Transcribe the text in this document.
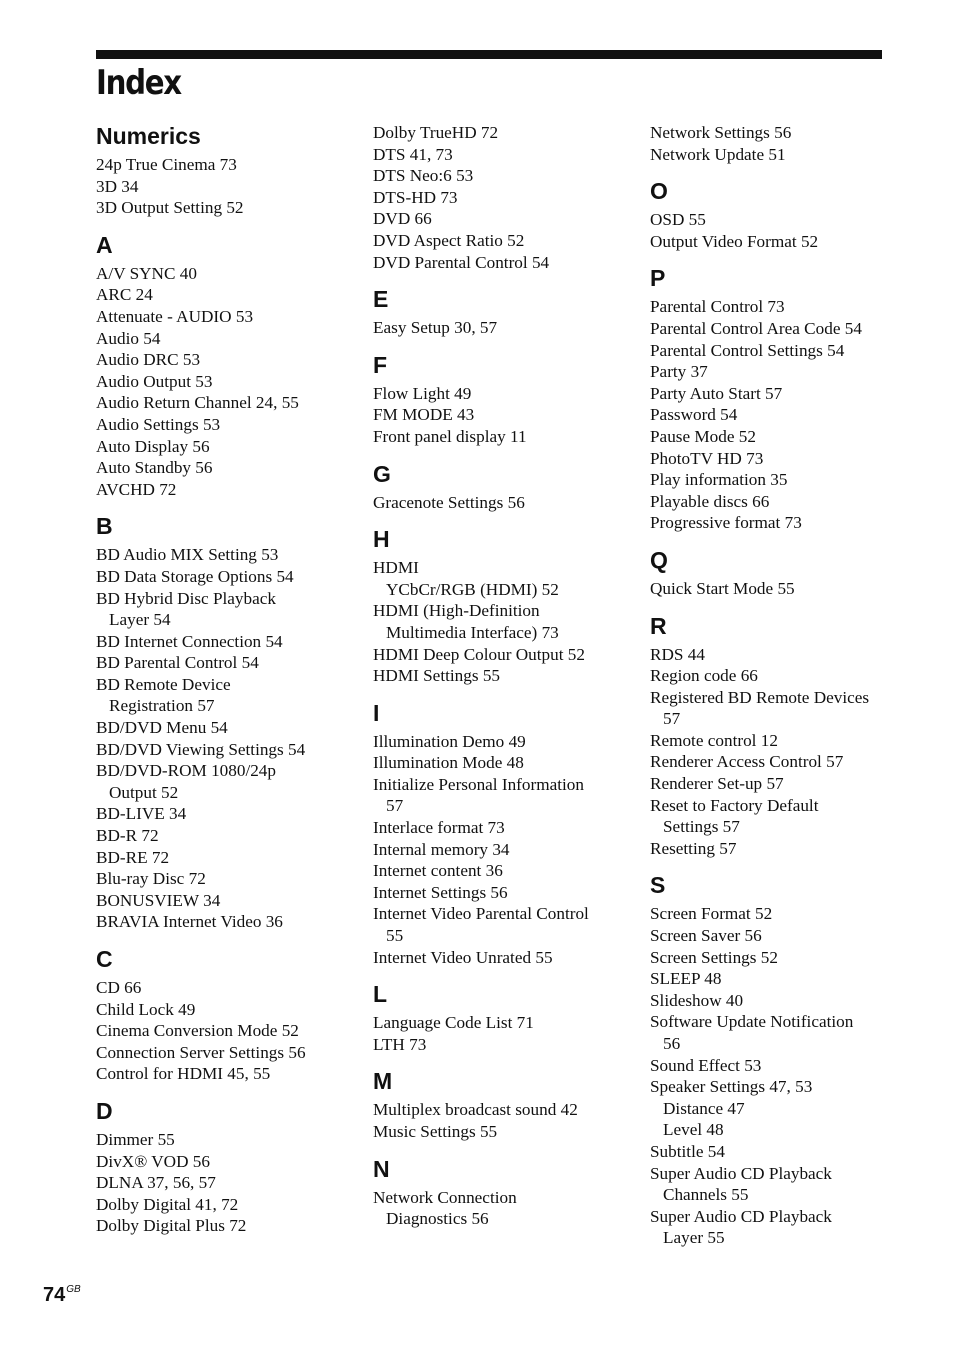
Index
Numerics
24p True Cinema 73
3D 34
3D Output Setting 52
A
A/V SYNC 40
ARC 24
Attenuate - AUDIO 53
Audio 54
Audio DRC 53
Audio Output 53
Audio Return Channel 24, 55
Audio Settings 53
Auto Display 56
Auto Standby 56
AVCHD 72
B
BD Audio MIX Setting 53
BD Data Storage Options 54
BD Hybrid Disc Playback
Layer 54
BD Internet Connection 54
BD Parental Control 54
BD Remote Device
Registration 57
BD/DVD Menu 54
BD/DVD Viewing Settings 54
BD/DVD-ROM 1080/24p
Output 52
BD-LIVE 34
BD-R 72
BD-RE 72
Blu-ray Disc 72
BONUSVIEW 34
BRAVIA Internet Video 36
C
CD 66
Child Lock 49
Cinema Conversion Mode 52
Connection Server Settings 56
Control for HDMI 45, 55
D
Dimmer 55
DivX® VOD 56
DLNA 37, 56, 57
Dolby Digital 41, 72
Dolby Digital Plus 72
Dolby TrueHD 72
DTS 41, 73
DTS Neo:6 53
DTS-HD 73
DVD 66
DVD Aspect Ratio 52
DVD Parental Control 54
E
Easy Setup 30, 57
F
Flow Light 49
FM MODE 43
Front panel display 11
G
Gracenote Settings 56
H
HDMI
YCbCr/RGB (HDMI) 52
HDMI (High-Definition
Multimedia Interface) 73
HDMI Deep Colour Output 52
HDMI Settings 55
I
Illumination Demo 49
Illumination Mode 48
Initialize Personal Information
57
Interlace format 73
Internal memory 34
Internet content 36
Internet Settings 56
Internet Video Parental Control
55
Internet Video Unrated 55
L
Language Code List 71
LTH 73
M
Multiplex broadcast sound 42
Music Settings 55
N
Network Connection
Diagnostics 56
Network Settings 56
Network Update 51
O
OSD 55
Output Video Format 52
P
Parental Control 73
Parental Control Area Code 54
Parental Control Settings 54
Party 37
Party Auto Start 57
Password 54
Pause Mode 52
PhotoTV HD 73
Play information 35
Playable discs 66
Progressive format 73
Q
Quick Start Mode 55
R
RDS 44
Region code 66
Registered BD Remote Devices
57
Remote control 12
Renderer Access Control 57
Renderer Set-up 57
Reset to Factory Default
Settings 57
Resetting 57
S
Screen Format 52
Screen Saver 56
Screen Settings 52
SLEEP 48
Slideshow 40
Software Update Notification
56
Sound Effect 53
Speaker Settings 47, 53
Distance 47
Level 48
Subtitle 54
Super Audio CD Playback
Channels 55
Super Audio CD Playback
Layer 55
$74^{GB}$
